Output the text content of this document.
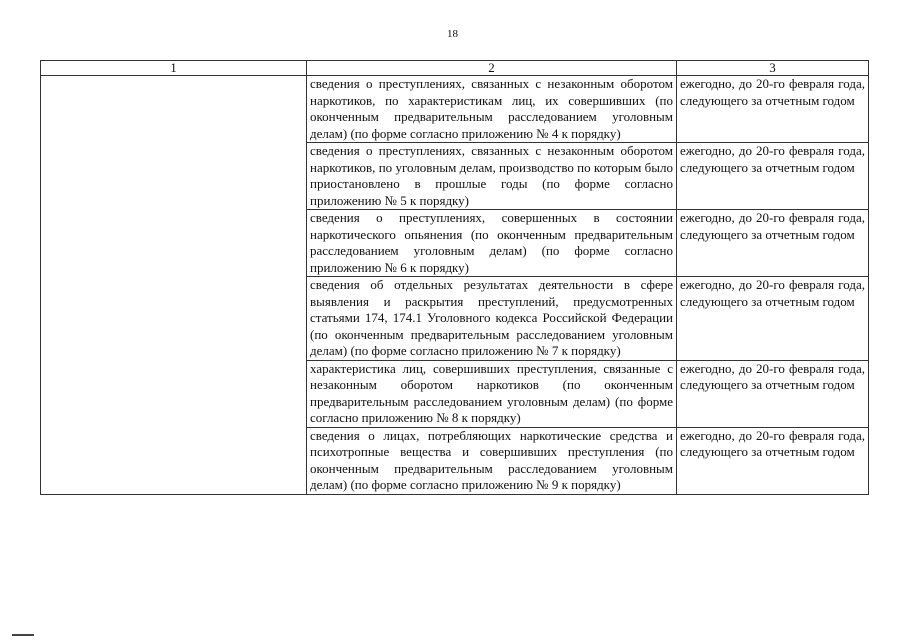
18
1	2	3
	сведения о преступлениях, связанных с незаконным оборотом наркотиков, по характеристикам лиц, их совершивших (по оконченным предварительным расследованием уголовным делам) (по форме согласно приложению № 4 к порядку)	ежегодно, до 20-го февраля года, следующего за отчетным годом
	сведения о преступлениях, связанных с незаконным оборотом наркотиков, по уголовным делам, производство по которым было приостановлено в прошлые годы (по форме согласно приложению № 5 к порядку)	ежегодно, до 20-го февраля года, следующего за отчетным годом
	сведения о преступлениях, совершенных в состоянии наркотического опьянения (по оконченным предварительным расследованием уголовным делам) (по форме согласно приложению № 6 к порядку)	ежегодно, до 20-го февраля года, следующего за отчетным годом
	сведения об отдельных результатах деятельности в сфере выявления и раскрытия преступлений, предусмотренных статьями 174, 174.1 Уголовного кодекса Российской Федерации (по оконченным предварительным расследованием уголовным делам) (по форме согласно приложению № 7 к порядку)	ежегодно, до 20-го февраля года, следующего за отчетным годом
	характеристика лиц, совершивших преступления, связанные с незаконным оборотом наркотиков (по оконченным предварительным расследованием уголовным делам) (по форме согласно приложению № 8 к порядку)	ежегодно, до 20-го февраля года, следующего за отчетным годом
	сведения о лицах, потребляющих наркотические средства и психотропные вещества и совершивших преступления (по оконченным предварительным расследованием уголовным делам) (по форме согласно приложению № 9 к порядку)	ежегодно, до 20-го февраля года, следующего за отчетным годом
